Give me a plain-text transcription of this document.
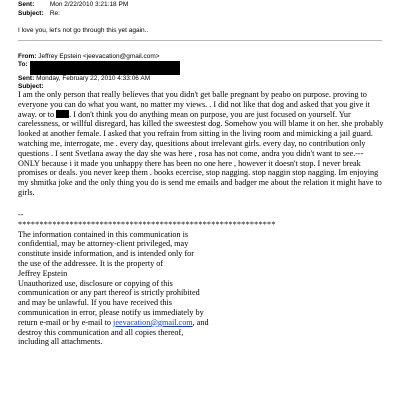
Sent: Mon 2/22/2010 3:21:18 PM
Subject: Re:
I love you, let's not go through this yet again..
From:
Jeffrey Epstein <jeevacation@gmail.com>
To:
Sent:
Monday, February 22, 2010 4:33:06 AM
Subject:

I am the only person that really believes that you didn't get balle pregnant by peabo on purpose. proving to everyone you can do what you want, no matter my views. . I did not like that dog and asked that you give it away. or to . I don't think you do anything mean on purpose, you are just focused on yourself. Yur carelessness, or willful disregard, has killed the sweestest dog. Somehow you will blame it on her. she probably looked at another female. I asked that you refrain from sitting in the living room and mimicking a jail guard. watching me, interrogate, me . every day, quesitions about irrelevant girls. every day, no contribution only questions . I sent Svetlana away the day she was here , rosa has not come, andra you didn't want to see.--- ONLY because i it made you unhappy there has been no one here , however it doesn't stop. I never break promises or deals. you never keep them . books ecercise, stop nagging. stop naggin stop nagging. Im enjoying my shmitka joke and the only thing you do is send me emails and badger me about the relation it might have to girls.

--
************************************************************
The information contained in this communication is
confidential, may be attorney-client privileged, may
constitute inside information, and is intended only for
the use of the addressee. It is the property of
Jeffrey Epstein
Unauthorized use, disclosure or copying of this
communication or any part thereof is strictly prohibited
and may be unlawful. If you have received this
communication in error, please notify us immediately by
return e-mail or by e-mail to jeevacation@gmail.com, and
destroy this communication and all copies thereof,
including all attachments.
